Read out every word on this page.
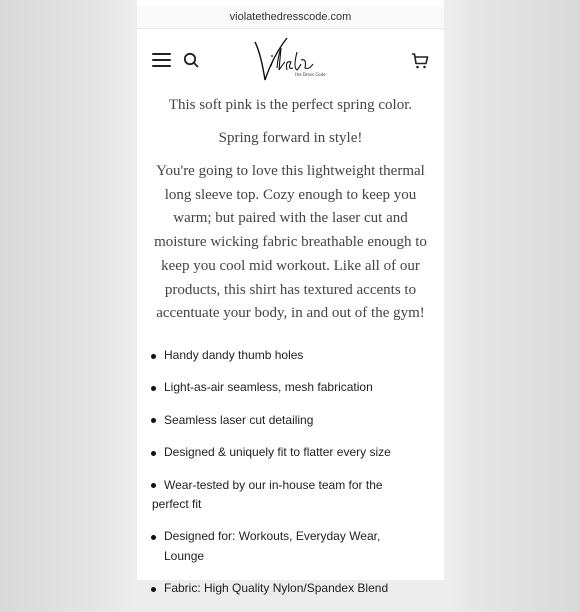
violatethedresscode.com
the Dress Code

This soft pink is the perfect spring color.

Spring forward in style!

You're going to love this lightweight thermal long sleeve top. Cozy enough to keep you warm; but paired with the laser cut and moisture wicking fabric breathable enough to keep you cool mid workout. Like all of our products, this shirt has textured accents to accentuate your body, in and out of the gym!

Handy dandy thumb holes
Light-as-air seamless, mesh fabrication
Seamless laser cut detailing
Designed & uniquely fit to flatter every size
Wear-tested by our in-house team for the perfect fit
Designed for: Workouts, Everyday Wear, Lounge
Fabric: High Quality Nylon/Spandex Blend
